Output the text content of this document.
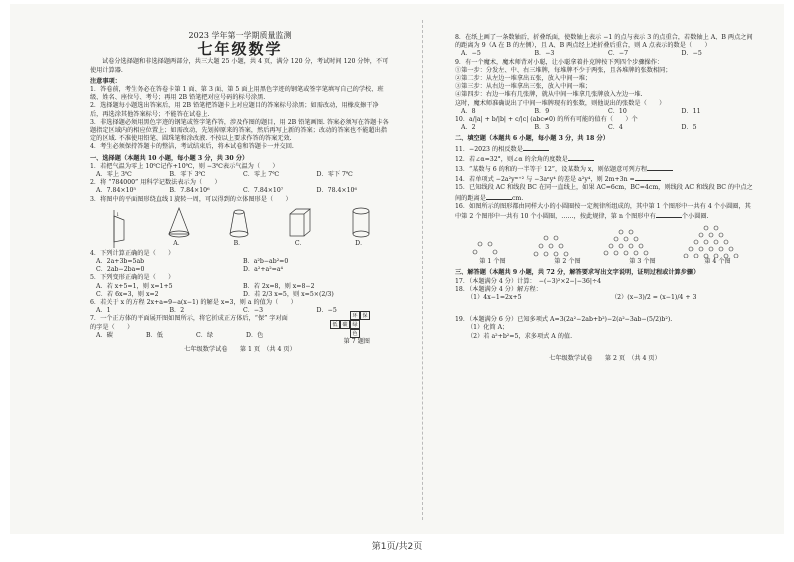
2023 学年第一学期质量监测
七年级数学

试卷分选择题和非选择题两部分，共三大题 25 小题，共 4 页，满分 120 分，考试时间 120 分钟，不可使用计算器.

注意事项：

1．答卷前，考生务必在答卷卡第 1 面、第 3 面、第 5 面上用黑色字迹的钢笔或签字笔填写自己的学校、班级、姓名、座位号、考号；再用 2B 铅笔把对应号码的标号涂黑.

2．选择题每小题选出答案后，用 2B 铅笔把答题卡上对应题目的答案标号涂黑；如需改动，用橡皮擦干净后，再选涂其他答案标号；不能答在试卷上.

3．非选择题必须用黑色字迹的钢笔或签字笔作答，涉及作图的题目，用 2B 铅笔画图. 答案必须写在答题卡各题指定区域内的相应位置上；如需改动，先划掉原来的答案，然后再写上新的答案；改动的答案也不能超出指定的区域. 不准使用铅笔、圆珠笔和涂改液. 不按以上要求作答的答案无效.

4．考生必须保持答题卡的整洁，考试结束后，将本试卷和答题卡一并交回.

一、选择题（本题共 10 小题，每小题 3 分，共 30 分）
1．若把气温为零上 10℃记作+10℃，则 −3℃表示气温为（　　）
A．零上 3℃	B．零下 3℃	C．零上 7℃	D．零下 7℃
2．将 “784000” 用科学记数法表示为（　　）
A．7.84×10⁵	B．7.84×10⁶	C．7.84×10⁷	D．78.4×10⁶
3．将图中的平面图形绕直线 l 旋转一周，可以得到的立体图形是（　　）
l
A．	B．	C．	D．
4．下列计算正确的是（　　）
A．2a+3b=5ab	B．a²b−ab²=0
C．2ab−2ba=0	D．a²+a²=a⁴
5．下列变形正确的是（　　）
A．若 x+5=1，则 x=1+5	B．若 2x=8，则 x=8−2
C．若 6x=3，则 x=2	D．若 2/3 x=5，则 x=5×(2/3)
6．若关于 x 的方程 2x+a=9−a(x−1) 的解是 x=3，则 a 的值为（　　）
A．1	B．2	C．−3	D．−5
7．一个正方体的平面展开图如图所示，将它折成正方体后，“保” 字对面的字是（　　）
A．碳	B．低	C．绿	D．色
环 保
低 碳 绿
色
第 7 题图
七年级数学试卷　　第 1 页　（共 4 页）
8．在纸上画了一条数轴后，折叠纸面，使数轴上表示 −1 的点与表示 3 的点重合，若数轴上 A、B 两点之间的距离为 9（A 在 B 的左侧），且 A、B 两点经上述折叠后重合，则 A 点表示的数是（　　）
A．−5	B．−3	C．−7	D．−5
9．有一个魔术，魔术师背对小聪，让小聪拿着扑克牌按下列四个步骤操作：
①第一步：分发左、中、右三堆牌，每堆牌不少于两张，且各堆牌的张数相同；
②第二步：从左边一堆拿出五张，放入中间一堆；
③第三步：从右边一堆拿出三张，放入中间一堆；
④第四步：右边一堆有几张牌，就从中间一堆拿几张牌放入左边一堆.
这时，魔术师准确说出了中间一堆牌现有的张数，则他说出的张数是（　　）
A．8	B．9	C．10	D．11
10．a/|a| + b/|b| + c/|c| (abc≠0) 的所有可能的值有（　　）个
A．2	B．3	C．4	D．5
二、填空题（本题共 6 小题，每小题 3 分，共 18 分）
11．−2023 的相反数是
12．若∠α=32°，则∠α 的余角的度数是
13．“某数与 6 的和的一半等于 12”，设某数为 x，则依题意可列方程
14．若单项式 −2a²yᵐ⁺² 与 −3aⁿy⁴ 的差是 a²y⁴，则 2m+3n =
15．已知线段 AC 和线段 BC 在同一直线上，如果 AC=6cm，BC=4cm，则线段 AC 和线段 BC 的中点之间的距离是	cm.
16．如图所示的图形都由同样大小的小圆圈按一定规律所组成的，其中第 1 个图形中一共有 4 个小圆圈，其中第 2 个图形中一共有 10 个小圆圈，……，按此规律，第 n 个图形中有	个小圆圈.
第 1 个图	第 2 个图	第 3 个图	第 4 个图
三、解答题（本题共 9 小题，共 72 分，解答要求写出文字说明，证明过程或计算步骤）
17．（本题满分 4 分）计算：　−(−3)²×2−|−36|÷4
18．（本题满分 4 分）解方程：
（1）4x−1=2x+5	（2）(x−3)/2 = (x−1)/4 + 3
19．（本题满分 6 分）已知多项式 A=3(2a²−2ab+b²)−2(a²−3ab−(5/2)b²).
（1）化简 A；
（2）若 a²+b²=5，求多项式 A 的值.
七年级数学试卷　　第 2 页　（共 4 页）
第1页/共2页
